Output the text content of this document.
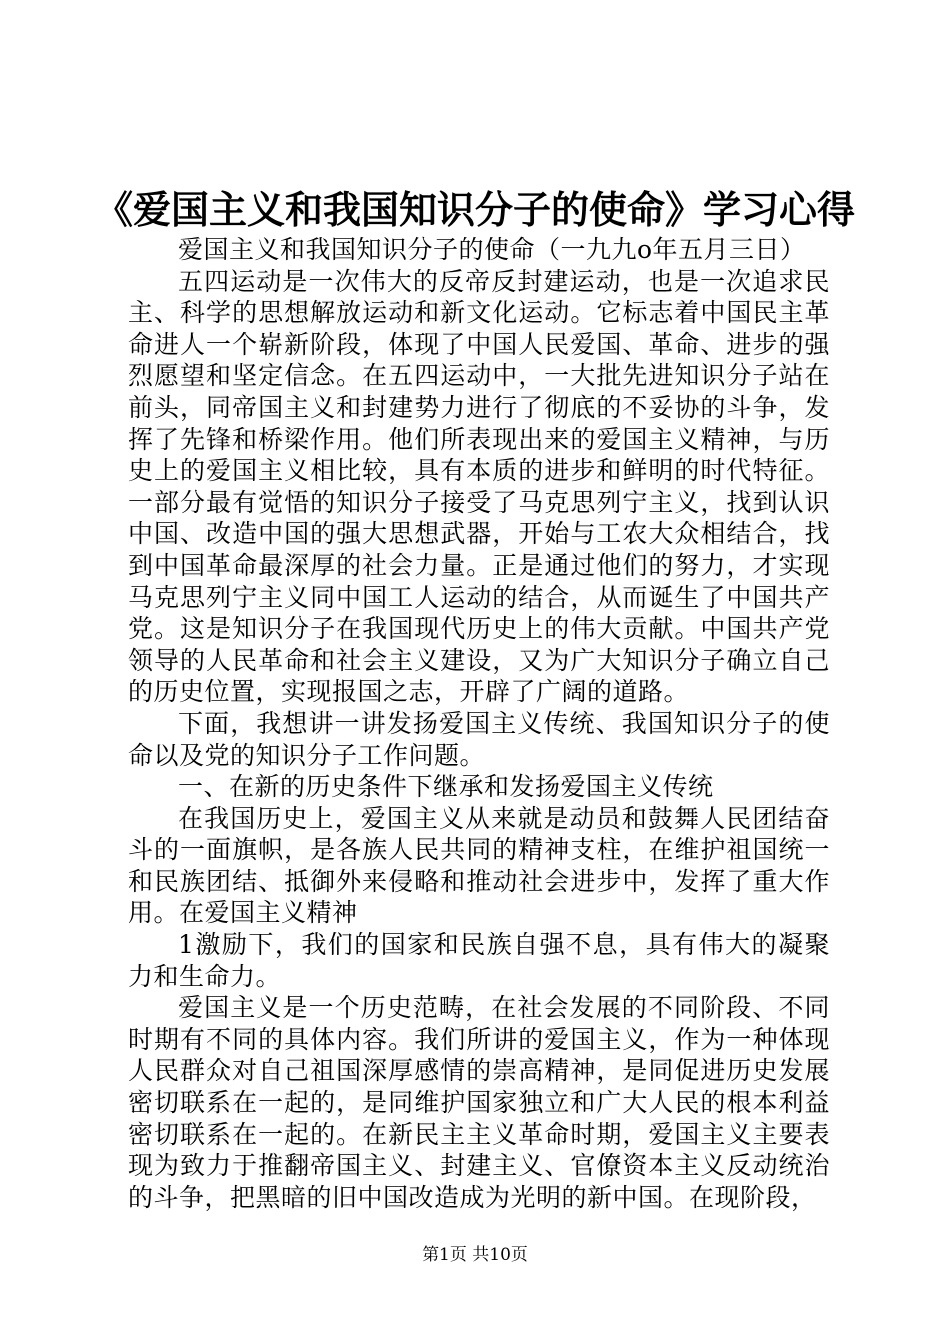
《爱国主义和我国知识分子的使命》学习心得

爱国主义和我国知识分子的使命（一九九o年五月三日）

五四运动是一次伟大的反帝反封建运动，也是一次追求民主、科学的思想解放运动和新文化运动。它标志着中国民主革命进人一个崭新阶段，体现了中国人民爱国、革命、进步的强烈愿望和坚定信念。在五四运动中，一大批先进知识分子站在前头，同帝国主义和封建势力进行了彻底的不妥协的斗争，发挥了先锋和桥梁作用。他们所表现出来的爱国主义精神，与历史上的爱国主义相比较，具有本质的进步和鲜明的时代特征。一部分最有觉悟的知识分子接受了马克思列宁主义，找到认识中国、改造中国的强大思想武器，开始与工农大众相结合，找到中国革命最深厚的社会力量。正是通过他们的努力，才实现马克思列宁主义同中国工人运动的结合，从而诞生了中国共产党。这是知识分子在我国现代历史上的伟大贡献。中国共产党领导的人民革命和社会主义建设，又为广大知识分子确立自己的历史位置，实现报国之志，开辟了广阔的道路。

下面，我想讲一讲发扬爱国主义传统、我国知识分子的使命以及党的知识分子工作问题。

一、在新的历史条件下继承和发扬爱国主义传统

在我国历史上，爱国主义从来就是动员和鼓舞人民团结奋斗的一面旗帜，是各族人民共同的精神支柱，在维护祖国统一和民族团结、抵御外来侵略和推动社会进步中，发挥了重大作用。在爱国主义精神

1激励下，我们的国家和民族自强不息，具有伟大的凝聚力和生命力。

爱国主义是一个历史范畴，在社会发展的不同阶段、不同时期有不同的具体内容。我们所讲的爱国主义，作为一种体现人民群众对自己祖国深厚感情的崇高精神，是同促进历史发展密切联系在一起的，是同维护国家独立和广大人民的根本利益密切联系在一起的。在新民主主义革命时期，爱国主义主要表现为致力于推翻帝国主义、封建主义、官僚资本主义反动统治的斗争，把黑暗的旧中国改造成为光明的新中国。在现阶段，

第1页 共10页
